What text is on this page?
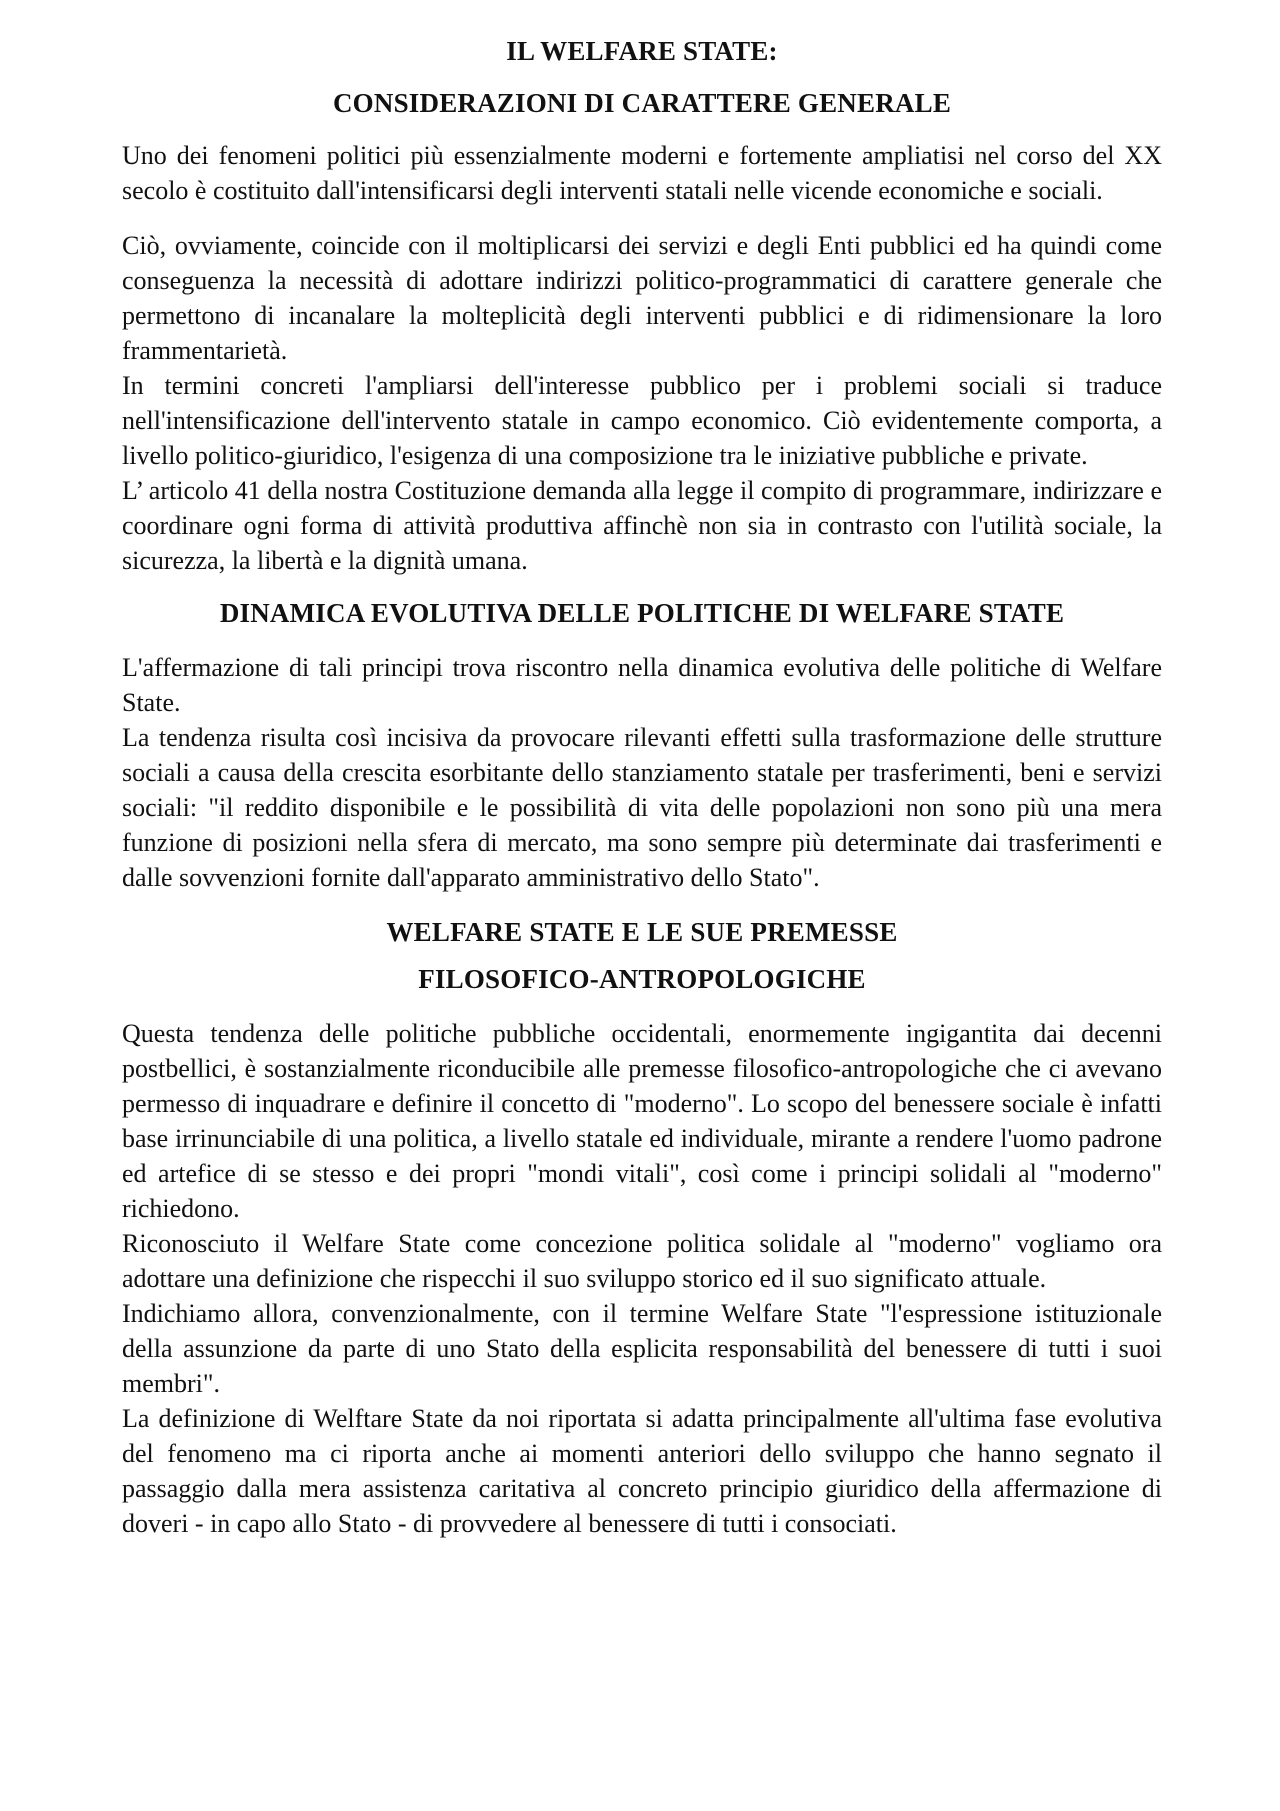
IL WELFARE STATE:
CONSIDERAZIONI DI CARATTERE GENERALE

Uno dei fenomeni politici più essenzialmente moderni e fortemente ampliatisi nel corso del XX secolo è costituito dall'intensificarsi degli interventi statali nelle vicende economiche e sociali.

Ciò, ovviamente, coincide con il moltiplicarsi dei servizi e degli Enti pubblici ed ha quindi come conseguenza la necessità di adottare indirizzi politico-programmatici di carattere generale che permettono di incanalare la molteplicità degli interventi pubblici e di ridimensionare la loro frammentarietà.

In termini concreti l'ampliarsi dell'interesse pubblico per i problemi sociali si traduce nell'intensificazione dell'intervento statale in campo economico. Ciò evidentemente comporta, a livello politico-giuridico, l'esigenza di una composizione tra le iniziative pubbliche e private.

L’ articolo 41 della nostra Costituzione demanda alla legge il compito di programmare, indirizzare e coordinare ogni forma di attività produttiva affinchè non sia in contrasto con l'utilità sociale, la sicurezza, la libertà e la dignità umana.

DINAMICA EVOLUTIVA DELLE POLITICHE DI WELFARE STATE

L'affermazione di tali principi trova riscontro nella dinamica evolutiva delle politiche di Welfare State.

La tendenza risulta così incisiva da provocare rilevanti effetti sulla trasformazione delle strutture sociali a causa della crescita esorbitante dello stanziamento statale per trasferimenti, beni e servizi sociali: "il reddito disponibile e le possibilità di vita delle popolazioni non sono più una mera funzione di posizioni nella sfera di mercato, ma sono sempre più determinate dai trasferimenti e dalle sovvenzioni fornite dall'apparato amministrativo dello Stato".

WELFARE STATE E LE SUE PREMESSE
FILOSOFICO-ANTROPOLOGICHE

Questa tendenza delle politiche pubbliche occidentali, enormemente ingigantita dai decenni postbellici, è sostanzialmente riconducibile alle premesse filosofico-antropologiche che ci avevano permesso di inquadrare e definire il concetto di "moderno". Lo scopo del benessere sociale è infatti base irrinunciabile di una politica, a livello statale ed individuale, mirante a rendere l'uomo padrone ed artefice di se stesso e dei propri "mondi vitali", così come i principi solidali al "moderno" richiedono.

Riconosciuto il Welfare State come concezione politica solidale al "moderno" vogliamo ora adottare una definizione che rispecchi il suo sviluppo storico ed il suo significato attuale.

Indichiamo allora, convenzionalmente, con il termine Welfare State "l'espressione istituzionale della assunzione da parte di uno Stato della esplicita responsabilità del benessere di tutti i suoi membri".

La definizione di Welftare State da noi riportata si adatta principalmente all'ultima fase evolutiva del fenomeno ma ci riporta anche ai momenti anteriori dello sviluppo che hanno segnato il passaggio dalla mera assistenza caritativa al concreto principio giuridico della affermazione di doveri - in capo allo Stato - di provvedere al benessere di tutti i consociati.
